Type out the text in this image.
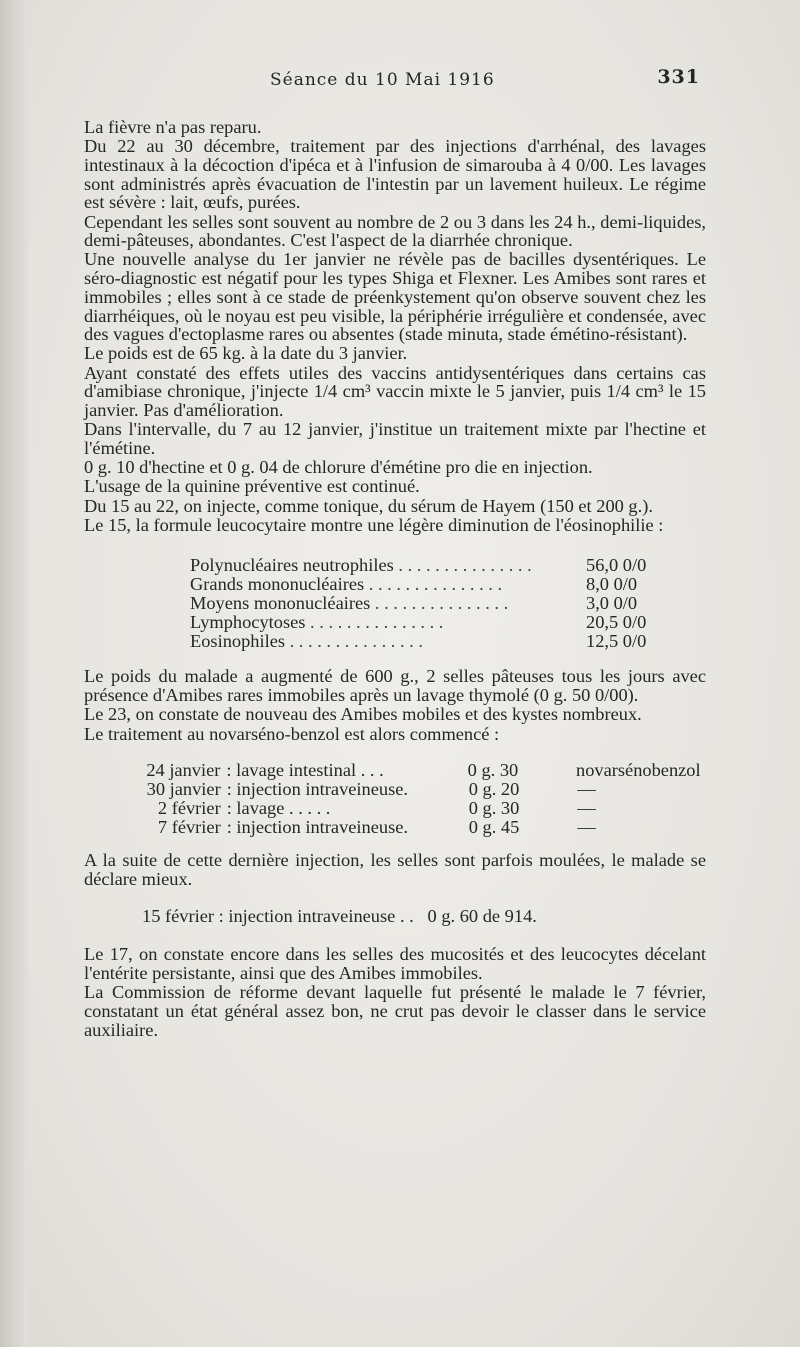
Séance du 10 Mai 1916	331

La fièvre n'a pas reparu.

Du 22 au 30 décembre, traitement par des injections d'arrhénal, des lavages intestinaux à la décoction d'ipéca et à l'infusion de simarouba à 4 0/00. Les lavages sont administrés après évacuation de l'intestin par un lavement huileux. Le régime est sévère : lait, œufs, purées.

Cependant les selles sont souvent au nombre de 2 ou 3 dans les 24 h., demi-liquides, demi-pâteuses, abondantes. C'est l'aspect de la diarrhée chronique.

Une nouvelle analyse du 1er janvier ne révèle pas de bacilles dysentériques. Le séro-diagnostic est négatif pour les types Shiga et Flexner. Les Amibes sont rares et immobiles ; elles sont à ce stade de préenkystement qu'on observe souvent chez les diarrhéiques, où le noyau est peu visible, la périphérie irrégulière et condensée, avec des vagues d'ectoplasme rares ou absentes (stade minuta, stade émétino-résistant).

Le poids est de 65 kg. à la date du 3 janvier.

Ayant constaté des effets utiles des vaccins antidysentériques dans certains cas d'amibiase chronique, j'injecte 1/4 cm³ vaccin mixte le 5 janvier, puis 1/4 cm³ le 15 janvier. Pas d'amélioration.

Dans l'intervalle, du 7 au 12 janvier, j'institue un traitement mixte par l'hectine et l'émétine.

0 g. 10 d'hectine et 0 g. 04 de chlorure d'émétine pro die en injection.

L'usage de la quinine préventive est continué.

Du 15 au 22, on injecte, comme tonique, du sérum de Hayem (150 et 200 g.).

Le 15, la formule leucocytaire montre une légère diminution de l'éosinophilie :

Polynucléaires neutrophiles . . . . . . . . . . . . . . .	56,0 0/0
Grands mononucléaires . . . . . . . . . . . . . . .	8,0 0/0
Moyens mononucléaires . . . . . . . . . . . . . . .	3,0 0/0
Lymphocytoses . . . . . . . . . . . . . . .	20,5 0/0
Eosinophiles . . . . . . . . . . . . . . .	12,5 0/0

Le poids du malade a augmenté de 600 g., 2 selles pâteuses tous les jours avec présence d'Amibes rares immobiles après un lavage thymolé (0 g. 50 0/00).

Le 23, on constate de nouveau des Amibes mobiles et des kystes nombreux.

Le traitement au novarséno-benzol est alors commencé :

24 janvier : lavage intestinal . . .	0 g. 30	novarsénobenzol
30 janvier : injection intraveineuse.	0 g. 20	—
2 février : lavage . . . . .	0 g. 30	—
7 février : injection intraveineuse.	0 g. 45	—

A la suite de cette dernière injection, les selles sont parfois moulées, le malade se déclare mieux.

15 février : injection intraveineuse . .   0 g. 60 de 914.

Le 17, on constate encore dans les selles des mucosités et des leucocytes décelant l'entérite persistante, ainsi que des Amibes immobiles.

La Commission de réforme devant laquelle fut présenté le malade le 7 février, constatant un état général assez bon, ne crut pas devoir le classer dans le service auxiliaire.
